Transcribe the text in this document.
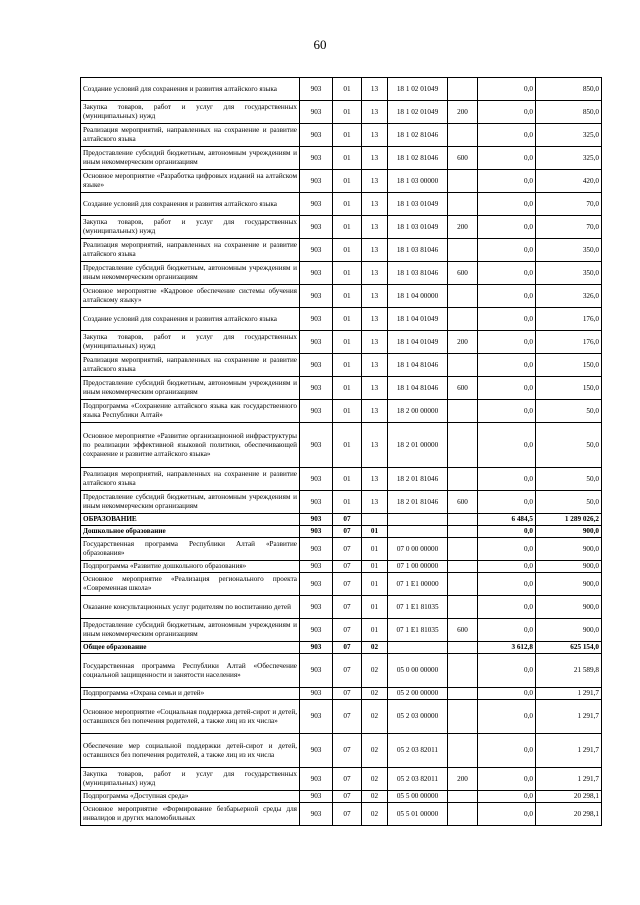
60
Создание условий для сохранения и развития алтайского языка	903	01	13	18 1 02 01049		0,0	850,0
Закупка товаров, работ и услуг для государственных (муниципальных) нужд	903	01	13	18 1 02 01049	200	0,0	850,0
Реализация мероприятий, направленных на сохранение и развитие алтайского языка	903	01	13	18 1 02 81046		0,0	325,0
Предоставление субсидий бюджетным, автономным учреждениям и иным некоммерческим организациям	903	01	13	18 1 02 81046	600	0,0	325,0
Основное мероприятие «Разработка цифровых изданий на алтайском языке»	903	01	13	18 1 03 00000		0,0	420,0
Создание условий для сохранения и развития алтайского языка	903	01	13	18 1 03 01049		0,0	70,0
Закупка товаров, работ и услуг для государственных (муниципальных) нужд	903	01	13	18 1 03 01049	200	0,0	70,0
Реализация мероприятий, направленных на сохранение и развитие алтайского языка	903	01	13	18 1 03 81046		0,0	350,0
Предоставление субсидий бюджетным, автономным учреждениям и иным некоммерческим организациям	903	01	13	18 1 03 81046	600	0,0	350,0
Основное мероприятие «Кадровое обеспечение системы обучения алтайскому языку»	903	01	13	18 1 04 00000		0,0	326,0
Создание условий для сохранения и развития алтайского языка	903	01	13	18 1 04 01049		0,0	176,0
Закупка товаров, работ и услуг для государственных (муниципальных) нужд	903	01	13	18 1 04 01049	200	0,0	176,0
Реализация мероприятий, направленных на сохранение и развитие алтайского языка	903	01	13	18 1 04 81046		0,0	150,0
Предоставление субсидий бюджетным, автономным учреждениям и иным некоммерческим организациям	903	01	13	18 1 04 81046	600	0,0	150,0
Подпрограмма «Сохранение алтайского языка как государственного языка Республики Алтай»	903	01	13	18 2 00 00000		0,0	50,0
Основное мероприятие «Развитие организационной инфраструктуры по реализации эффективной языковой политики, обеспечивающей сохранение и развитие алтайского языка»	903	01	13	18 2 01 00000		0,0	50,0
Реализация мероприятий, направленных на сохранение и развитие алтайского языка	903	01	13	18 2 01 81046		0,0	50,0
Предоставление субсидий бюджетным, автономным учреждениям и иным некоммерческим организациям	903	01	13	18 2 01 81046	600	0,0	50,0
ОБРАЗОВАНИЕ	903	07				6 484,5	1 289 026,2
Дошкольное образование	903	07	01			0,0	900,0
Государственная программа Республики Алтай «Развитие образования»	903	07	01	07 0 00 00000		0,0	900,0
Подпрограмма «Развитие дошкольного образования»	903	07	01	07 1 00 00000		0,0	900,0
Основное мероприятие «Реализация регионального проекта «Современная школа»	903	07	01	07 1 E1 00000		0,0	900,0
Оказание консультационных услуг родителям по воспитанию детей	903	07	01	07 1 E1 81035		0,0	900,0
Предоставление субсидий бюджетным, автономным учреждениям и иным некоммерческим организациям	903	07	01	07 1 E1 81035	600	0,0	900,0
Общее образование	903	07	02			3 612,8	625 154,0
Государственная программа Республики Алтай «Обеспечение социальной защищенности и занятости населения»	903	07	02	05 0 00 00000		0,0	21 589,8
Подпрограмма «Охрана семьи и детей»	903	07	02	05 2 00 00000		0,0	1 291,7
Основное мероприятие «Социальная поддержка детей-сирот и детей, оставшихся без попечения родителей, а также лиц из их числа»	903	07	02	05 2 03 00000		0,0	1 291,7
Обеспечение мер социальной поддержки детей-сирот и детей, оставшихся без попечения родителей, а также лиц из их числа	903	07	02	05 2 03 82011		0,0	1 291,7
Закупка товаров, работ и услуг для государственных (муниципальных) нужд	903	07	02	05 2 03 82011	200	0,0	1 291,7
Подпрограмма «Доступная среда»	903	07	02	05 5 00 00000		0,0	20 298,1
Основное мероприятие «Формирование безбарьерной среды для инвалидов и других маломобильных	903	07	02	05 5 01 00000		0,0	20 298,1
